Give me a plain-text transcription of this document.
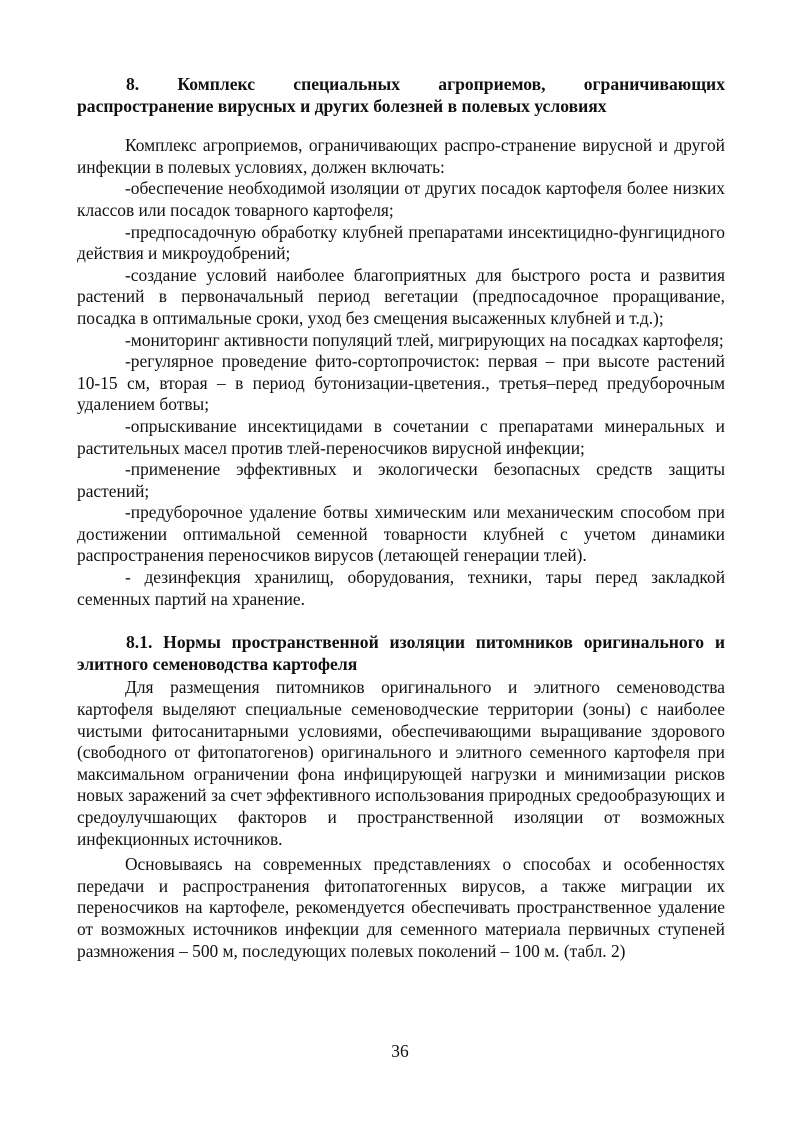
8. Комплекс специальных агроприемов, ограничивающих распространение вирусных и других болезней в полевых условиях

Комплекс агроприемов, ограничивающих распро-странение вирусной и другой инфекции в полевых условиях, должен включать:

-обеспечение необходимой изоляции от других посадок картофеля более низких классов или посадок товарного картофеля;

-предпосадочную обработку клубней препаратами инсектицидно-фунгицидного действия и микроудобрений;

-создание условий наиболее благоприятных для быстрого роста и развития растений в первоначальный период вегетации (предпосадочное проращивание, посадка в оптимальные сроки, уход без смещения высаженных клубней и т.д.);

-мониторинг активности популяций тлей, мигрирующих на посадках картофеля;

-регулярное проведение фито-сортопрочисток: первая – при высоте растений 10-15 см, вторая – в период бутонизации-цветения., третья–перед предуборочным удалением ботвы;

-опрыскивание инсектицидами в сочетании с препаратами минеральных и растительных масел против тлей-переносчиков вирусной инфекции;

-применение эффективных и экологически безопасных средств защиты растений;

-предуборочное удаление ботвы химическим или механическим способом при достижении оптимальной семенной товарности клубней с учетом динамики распространения переносчиков вирусов (летающей генерации тлей).

- дезинфекция хранилищ, оборудования, техники, тары перед закладкой семенных партий на хранение.

8.1. Нормы пространственной изоляции питомников оригинального и элитного семеноводства картофеля

Для размещения питомников оригинального и элитного семеноводства картофеля выделяют специальные семеноводческие территории (зоны) с наиболее чистыми фитосанитарными условиями, обеспечивающими выращивание здорового (свободного от фитопатогенов) оригинального и элитного семенного картофеля при максимальном ограничении фона инфицирующей нагрузки и минимизации рисков новых заражений за счет эффективного использования природных средообразующих и средоулучшающих факторов и пространственной изоляции от возможных инфекционных источников.

Основываясь на современных представлениях о способах и особенностях передачи и распространения фитопатогенных вирусов, а также миграции их переносчиков на картофеле, рекомендуется обеспечивать пространственное удаление от возможных источников инфекции для семенного материала первичных ступеней размножения – 500 м, последующих полевых поколений – 100 м. (табл. 2)

36
